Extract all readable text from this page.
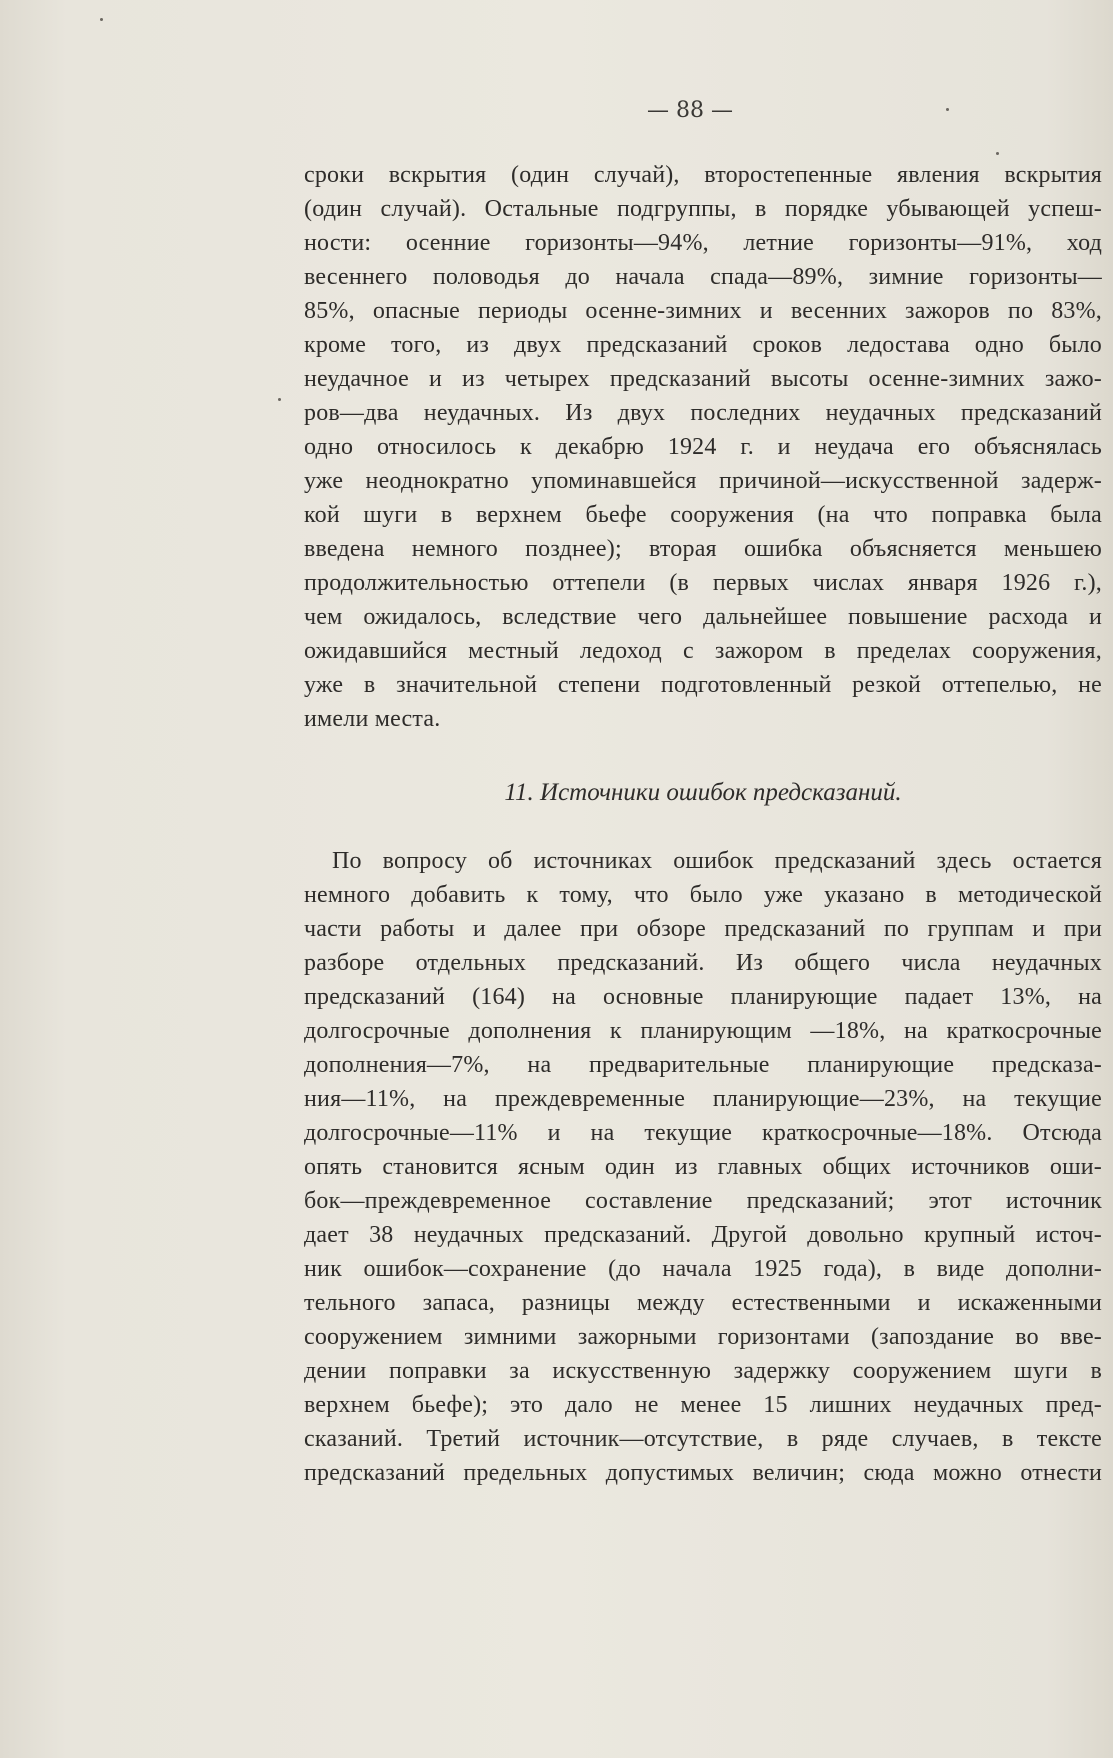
— 88 —
сроки вскрытия (один случай), второстепенные явления вскрытия
(один случай). Остальные подгруппы, в порядке убывающей успеш-
ности: осенние горизонты—94%, летние горизонты—91%, ход
весеннего половодья до начала спада—89%, зимние горизонты—
85%, опасные периоды осенне-зимних и весенних зажоров по 83%,
кроме того, из двух предсказаний сроков ледостава одно было
неудачное и из четырех предсказаний высоты осенне-зимних зажо-
ров—два неудачных. Из двух последних неудачных предсказаний
одно относилось к декабрю 1924 г. и неудача его объяснялась
уже неоднократно упоминавшейся причиной—искусственной задерж-
кой шуги в верхнем бьефе сооружения (на что поправка была
введена немного позднее); вторая ошибка объясняется меньшею
продолжительностью оттепели (в первых числах января 1926 г.),
чем ожидалось, вследствие чего дальнейшее повышение расхода и
ожидавшийся местный ледоход с зажором в пределах сооружения,
уже в значительной степени подготовленный резкой оттепелью, не
имели места.
11. Источники ошибок предсказаний.
По вопросу об источниках ошибок предсказаний здесь остается
немного добавить к тому, что было уже указано в методической
части работы и далее при обзоре предсказаний по группам и при
разборе отдельных предсказаний. Из общего числа неудачных
предсказаний (164) на основные планирующие падает 13%, на
долгосрочные дополнения к планирующим —18%, на краткосрочные
дополнения—7%, на предварительные планирующие предсказа-
ния—11%, на преждевременные планирующие—23%, на текущие
долгосрочные—11% и на текущие краткосрочные—18%. Отсюда
опять становится ясным один из главных общих источников оши-
бок—преждевременное составление предсказаний; этот источник
дает 38 неудачных предсказаний. Другой довольно крупный источ-
ник ошибок—сохранение (до начала 1925 года), в виде дополни-
тельного запаса, разницы между естественными и искаженными
сооружением зимними зажорными горизонтами (запоздание во вве-
дении поправки за искусственную задержку сооружением шуги в
верхнем бьефе); это дало не менее 15 лишних неудачных пред-
сказаний. Третий источник—отсутствие, в ряде случаев, в тексте
предсказаний предельных допустимых величин; сюда можно отнести
